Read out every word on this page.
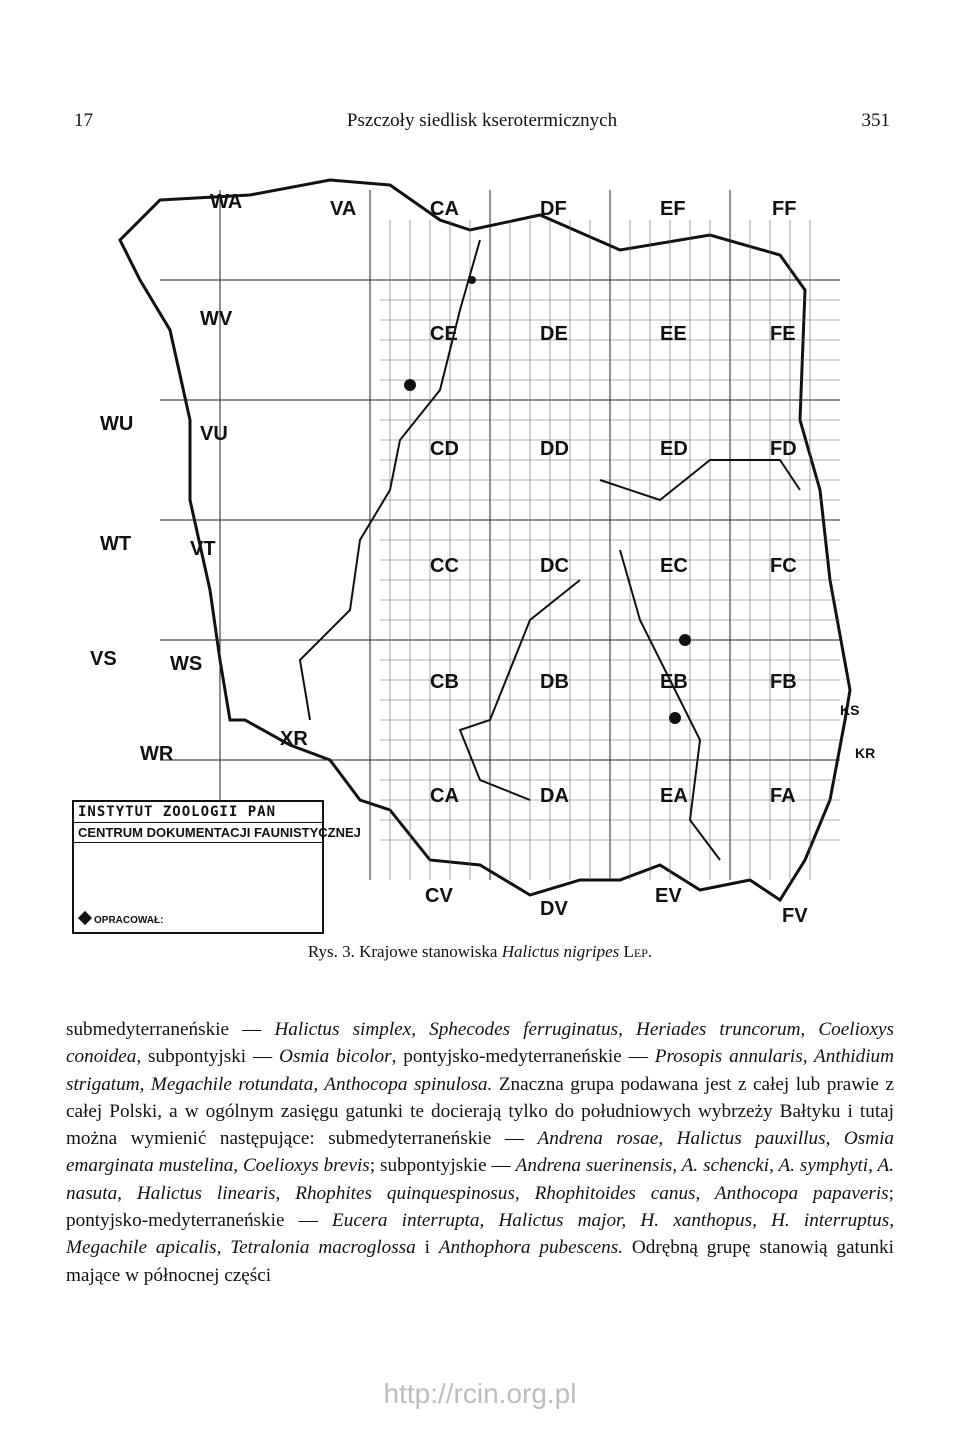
17	Pszczoły siedlisk kserotermicznych	351
WA	VA	CA	DF	EF	FF
WV
CE	DE	EE	FE
WU	VU
CD	DD	ED	FD
WT	VT
CC	DC	EC	FC
VS	WS
CB	DB	EB	FB
KS
WR
XR
CA	DA	EA	FA
KR
CV
DV
EV
FV
INSTYTUT ZOOLOGII PAN
CENTRUM DOKUMENTACJI FAUNISTYCZNEJ
OPRACOWAŁ:
Rys. 3. Krajowe stanowiska Halictus nigripes Lep.

submedyterraneńskie — Halictus simplex, Sphecodes ferruginatus, Heriades truncorum, Coelioxys conoidea, subpontyjski — Osmia bicolor, pontyjsko-medyterraneńskie — Prosopis annularis, Anthidium strigatum, Megachile rotundata, Anthocopa spinulosa. Znaczna grupa podawana jest z całej lub prawie z całej Polski, a w ogólnym zasięgu gatunki te docierają tylko do południowych wybrzeży Bałtyku i tutaj można wymienić następujące: submedyterraneńskie — Andrena rosae, Halictus pauxillus, Osmia emarginata mustelina, Coelioxys brevis; subpontyjskie — Andrena suerinensis, A. schencki, A. symphyti, A. nasuta, Halictus linearis, Rhophites quinquespinosus, Rhophitoides canus, Anthocopa papaveris; pontyjsko-medyterraneńskie — Eucera interrupta, Halictus major, H. xanthopus, H. interruptus, Megachile apicalis, Tetralonia macroglossa i Anthophora pubescens. Odrębną grupę stanowią gatunki mające w północnej części

http://rcin.org.pl
